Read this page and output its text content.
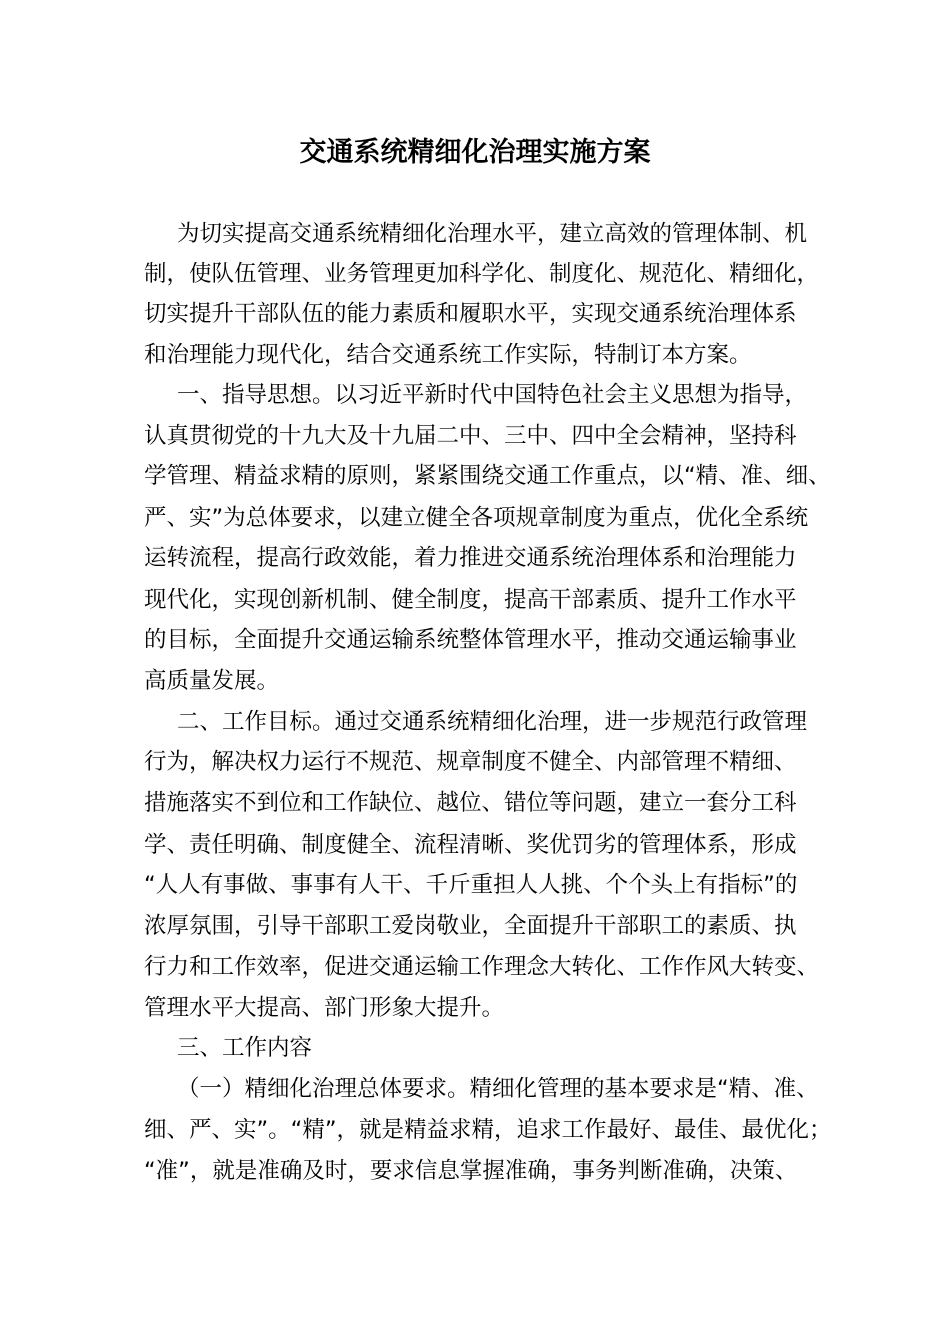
交通系统精细化治理实施方案
为切实提高交通系统精细化治理水平，建立高效的管理体制、机
制，使队伍管理、业务管理更加科学化、制度化、规范化、精细化，
切实提升干部队伍的能力素质和履职水平，实现交通系统治理体系
和治理能力现代化，结合交通系统工作实际，特制订本方案。
一、指导思想。以习近平新时代中国特色社会主义思想为指导，
认真贯彻党的十九大及十九届二中、三中、四中全会精神，坚持科
学管理、精益求精的原则，紧紧围绕交通工作重点，以“精、准、细、
严、实”为总体要求，以建立健全各项规章制度为重点，优化全系统
运转流程，提高行政效能，着力推进交通系统治理体系和治理能力
现代化，实现创新机制、健全制度，提高干部素质、提升工作水平
的目标，全面提升交通运输系统整体管理水平，推动交通运输事业
高质量发展。
二、工作目标。通过交通系统精细化治理，进一步规范行政管理
行为，解决权力运行不规范、规章制度不健全、内部管理不精细、
措施落实不到位和工作缺位、越位、错位等问题，建立一套分工科
学、责任明确、制度健全、流程清晰、奖优罚劣的管理体系，形成
“人人有事做、事事有人干、千斤重担人人挑、个个头上有指标”的
浓厚氛围，引导干部职工爱岗敬业，全面提升干部职工的素质、执
行力和工作效率，促进交通运输工作理念大转化、工作作风大转变、
管理水平大提高、部门形象大提升。
三、工作内容
（一）精细化治理总体要求。精细化管理的基本要求是“精、准、
细、严、实”。“精”，就是精益求精，追求工作最好、最佳、最优化；
“准”，就是准确及时，要求信息掌握准确，事务判断准确，决策、
